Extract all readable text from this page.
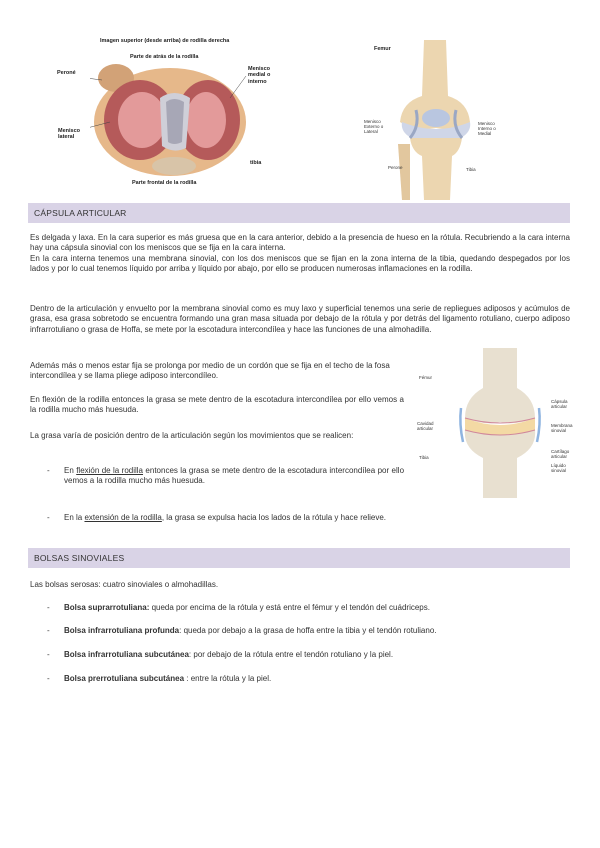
Imagen superior (desde arriba) de rodilla derecha
Parte de atrás de la rodilla
Peroné
Menisco medial o interno
Menisco lateral
tibia
Parte frontal de la rodilla
Femur
Menisco Externo o Lateral
Menisco Interno o Medial
Perone	Tibia
Fémur
Cápsula articular
Cavidad articular
Membrana sinovial
Tibia
Cartílago articular
Líquido sinovial
CÁPSULA ARTICULAR
Es delgada y laxa. En la cara superior es más gruesa que en la cara anterior, debido a la presencia de hueso en la rótula. Recubriendo a la cara interna hay una cápsula sinovial con los meniscos que se fija en la cara interna.
En la cara interna tenemos una membrana sinovial, con los dos meniscos que se fijan en la zona interna de la tibia, quedando despegados por los lados y por lo cual tenemos líquido por arriba y líquido por abajo, por ello se producen numerosas inflamaciones en la rodilla.
Dentro de la articulación y envuelto por la membrana sinovial como es muy laxo y superficial tenemos una serie de repliegues adiposos y acúmulos de grasa, esa grasa sobretodo se encuentra formando una gran masa situada por debajo de la rótula y por detrás del ligamento rotuliano, cuerpo adiposo infrarrotuliano o grasa de Hoffa, se mete por la escotadura intercondílea y hace las funciones de una almohadilla.
Además más o menos estar fija se prolonga por medio de un cordón que se fija en el techo de la fosa intercondílea y se llama pliege adiposo intercondíleo.
En flexión de la rodilla entonces la grasa se mete dentro de la escotadura intercondílea por ello vemos a la rodilla mucho más huesuda.
La grasa varía de posición dentro de la articulación según los movimientos que se realicen:
- En flexión de la rodilla entonces la grasa se mete dentro de la escotadura intercondílea por ello vemos a la rodilla mucho más huesuda.
- En la extensión de la rodilla, la grasa se expulsa hacia los lados de la rótula y hace relieve.
BOLSAS SINOVIALES
Las bolsas serosas: cuatro sinoviales o almohadillas.
- Bolsa suprarrotuliana: queda por encima de la rótula y está entre el fémur y el tendón del cuádriceps.
- Bolsa infrarrotuliana profunda: queda por debajo a la grasa de hoffa entre la tibia y el tendón rotuliano.
- Bolsa infrarrotuliana subcutánea: por debajo de la rótula entre el tendón rotuliano y la piel.
- Bolsa prerrotuliana subcutánea : entre la rótula y la piel.
